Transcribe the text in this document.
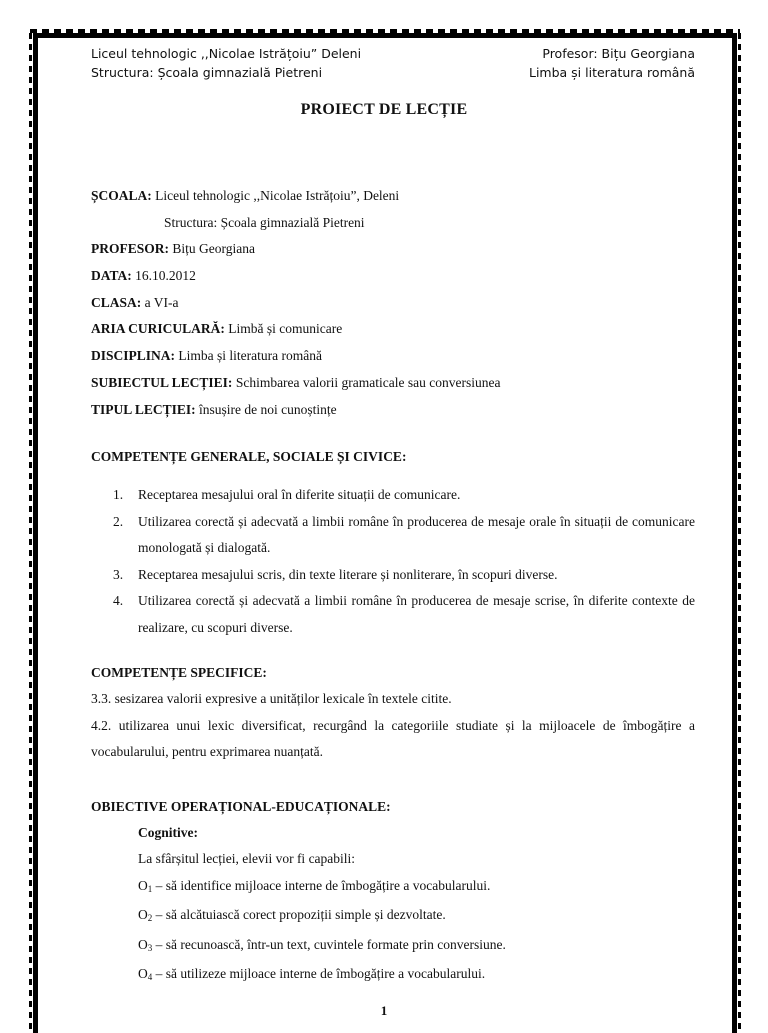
Liceul tehnologic ,,Nicolae Istrățoiu” Deleni
Structura: Școala gimnazială Pietreni
Profesor: Bițu Georgiana
Limba și literatura română
PROIECT DE LECȚIE
ȘCOALA: Liceul tehnologic ,,Nicolae Istrățoiu”, Deleni
Structura: Școala gimnazială Pietreni
PROFESOR: Bițu Georgiana
DATA: 16.10.2012
CLASA: a VI-a
ARIA CURICULARĂ: Limbă și comunicare
DISCIPLINA: Limba și literatura română
SUBIECTUL LECȚIEI: Schimbarea valorii gramaticale sau conversiunea
TIPUL LECȚIEI: însușire de noi cunoștințe
COMPETENȚE GENERALE, SOCIALE ȘI CIVICE:
1.	Receptarea mesajului oral în diferite situații de comunicare.
2.	Utilizarea corectă și adecvată a limbii române în producerea de mesaje orale în situații de comunicare monologată și dialogată.
3.	Receptarea mesajului scris, din texte literare și nonliterare, în scopuri diverse.
4.	Utilizarea corectă și adecvată a limbii române în producerea de mesaje scrise, în diferite contexte de realizare, cu scopuri diverse.
COMPETENȚE SPECIFICE:
3.3. sesizarea valorii expresive a unităților lexicale în textele citite.
4.2. utilizarea unui lexic diversificat, recurgând la categoriile studiate și la mijloacele de îmbogățire a vocabularului, pentru exprimarea nuanțată.
OBIECTIVE OPERAȚIONAL-EDUCAȚIONALE:
Cognitive:
La sfârșitul lecției, elevii vor fi capabili:
$O_1$ – să identifice mijloace interne de îmbogățire a vocabularului.
$O_2$ – să alcătuiască corect propoziții simple și dezvoltate.
$O_3$ – să recunoască, într-un text, cuvintele formate prin conversiune.
$O_4$ – să utilizeze mijloace interne de îmbogățire a vocabularului.
1
